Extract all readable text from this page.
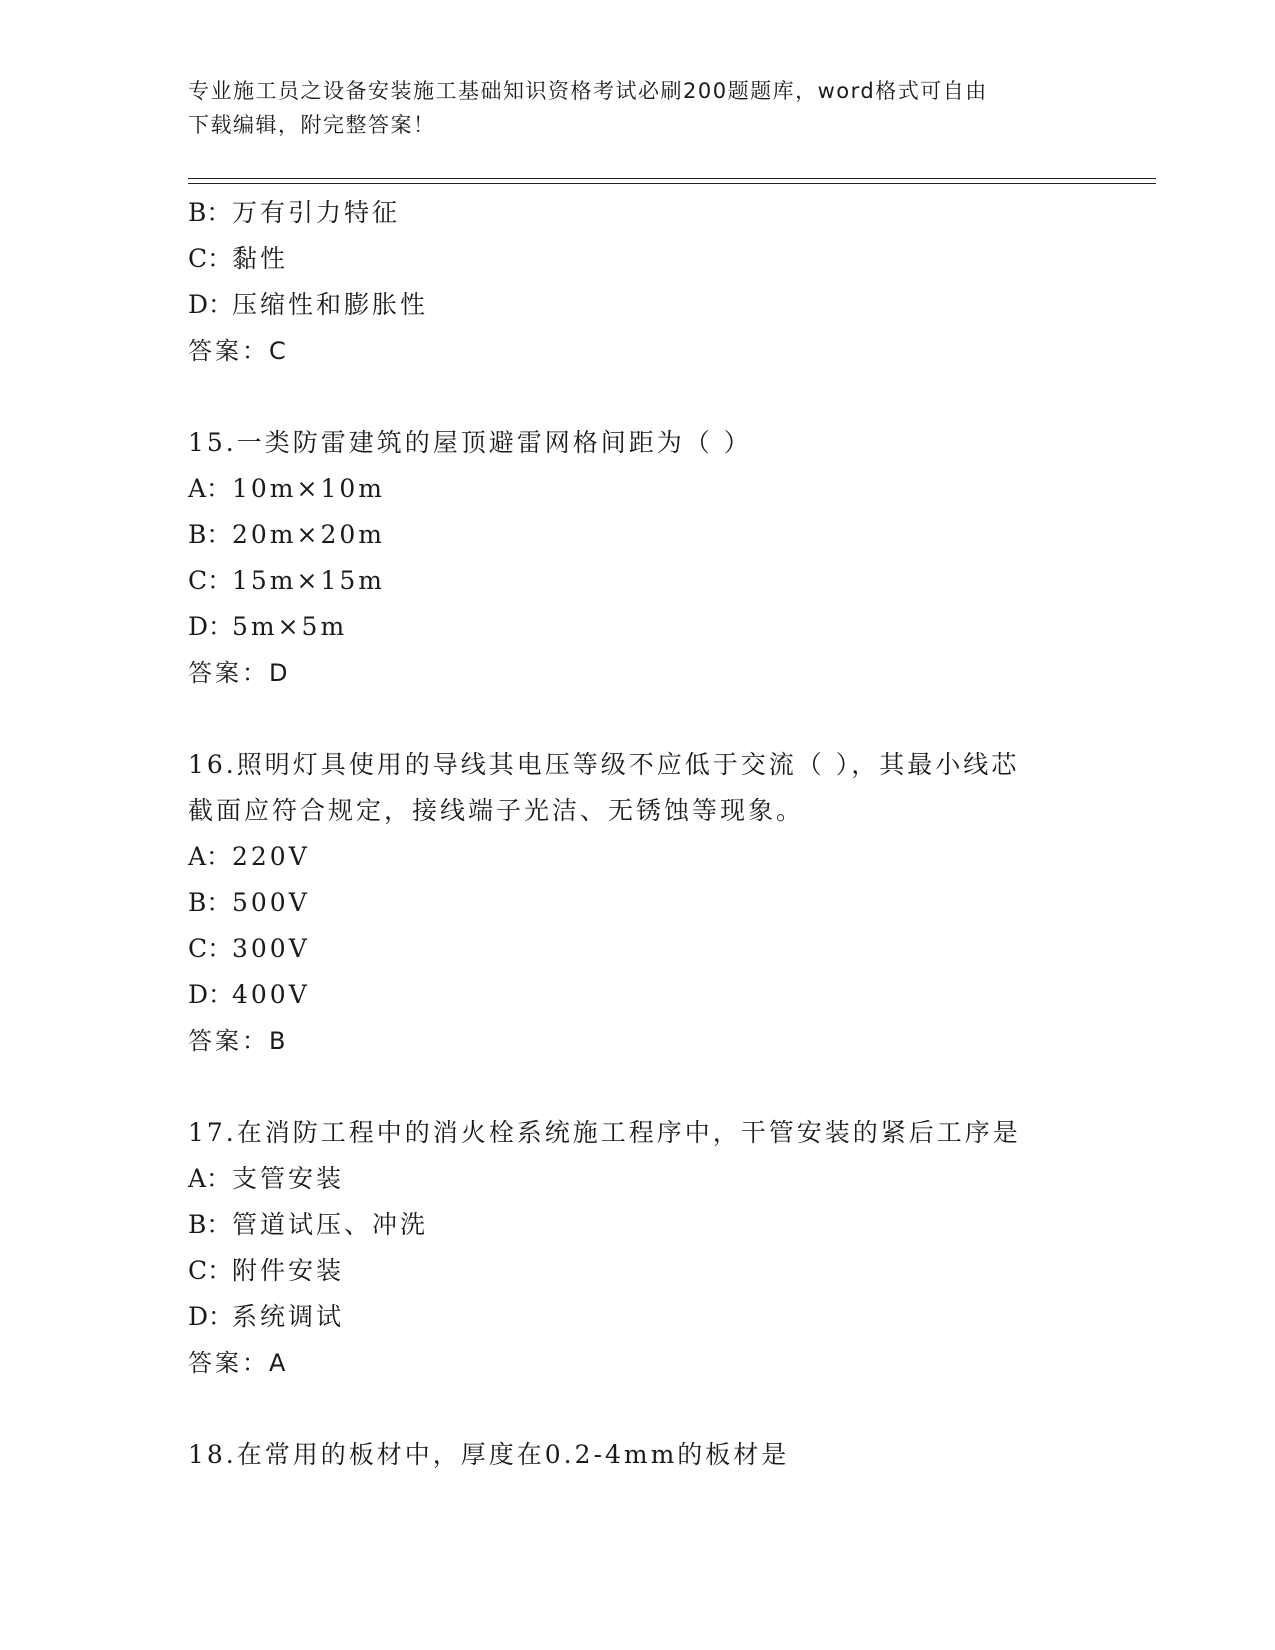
专业施工员之设备安装施工基础知识资格考试必刷200题题库，word格式可自由
下载编辑，附完整答案！
B：万有引力特征
C：黏性
D：压缩性和膨胀性
答案：C
15.一类防雷建筑的屋顶避雷网格间距为（ ）
A：10m×10m
B：20m×20m
C：15m×15m
D：5m×5m
答案：D
16.照明灯具使用的导线其电压等级不应低于交流（ ），其最小线芯
截面应符合规定，接线端子光洁、无锈蚀等现象。
A：220V
B：500V
C：300V
D：400V
答案：B
17.在消防工程中的消火栓系统施工程序中，干管安装的紧后工序是
A：支管安装
B：管道试压、冲洗
C：附件安装
D：系统调试
答案：A
18.在常用的板材中，厚度在0.2-4mm的板材是
